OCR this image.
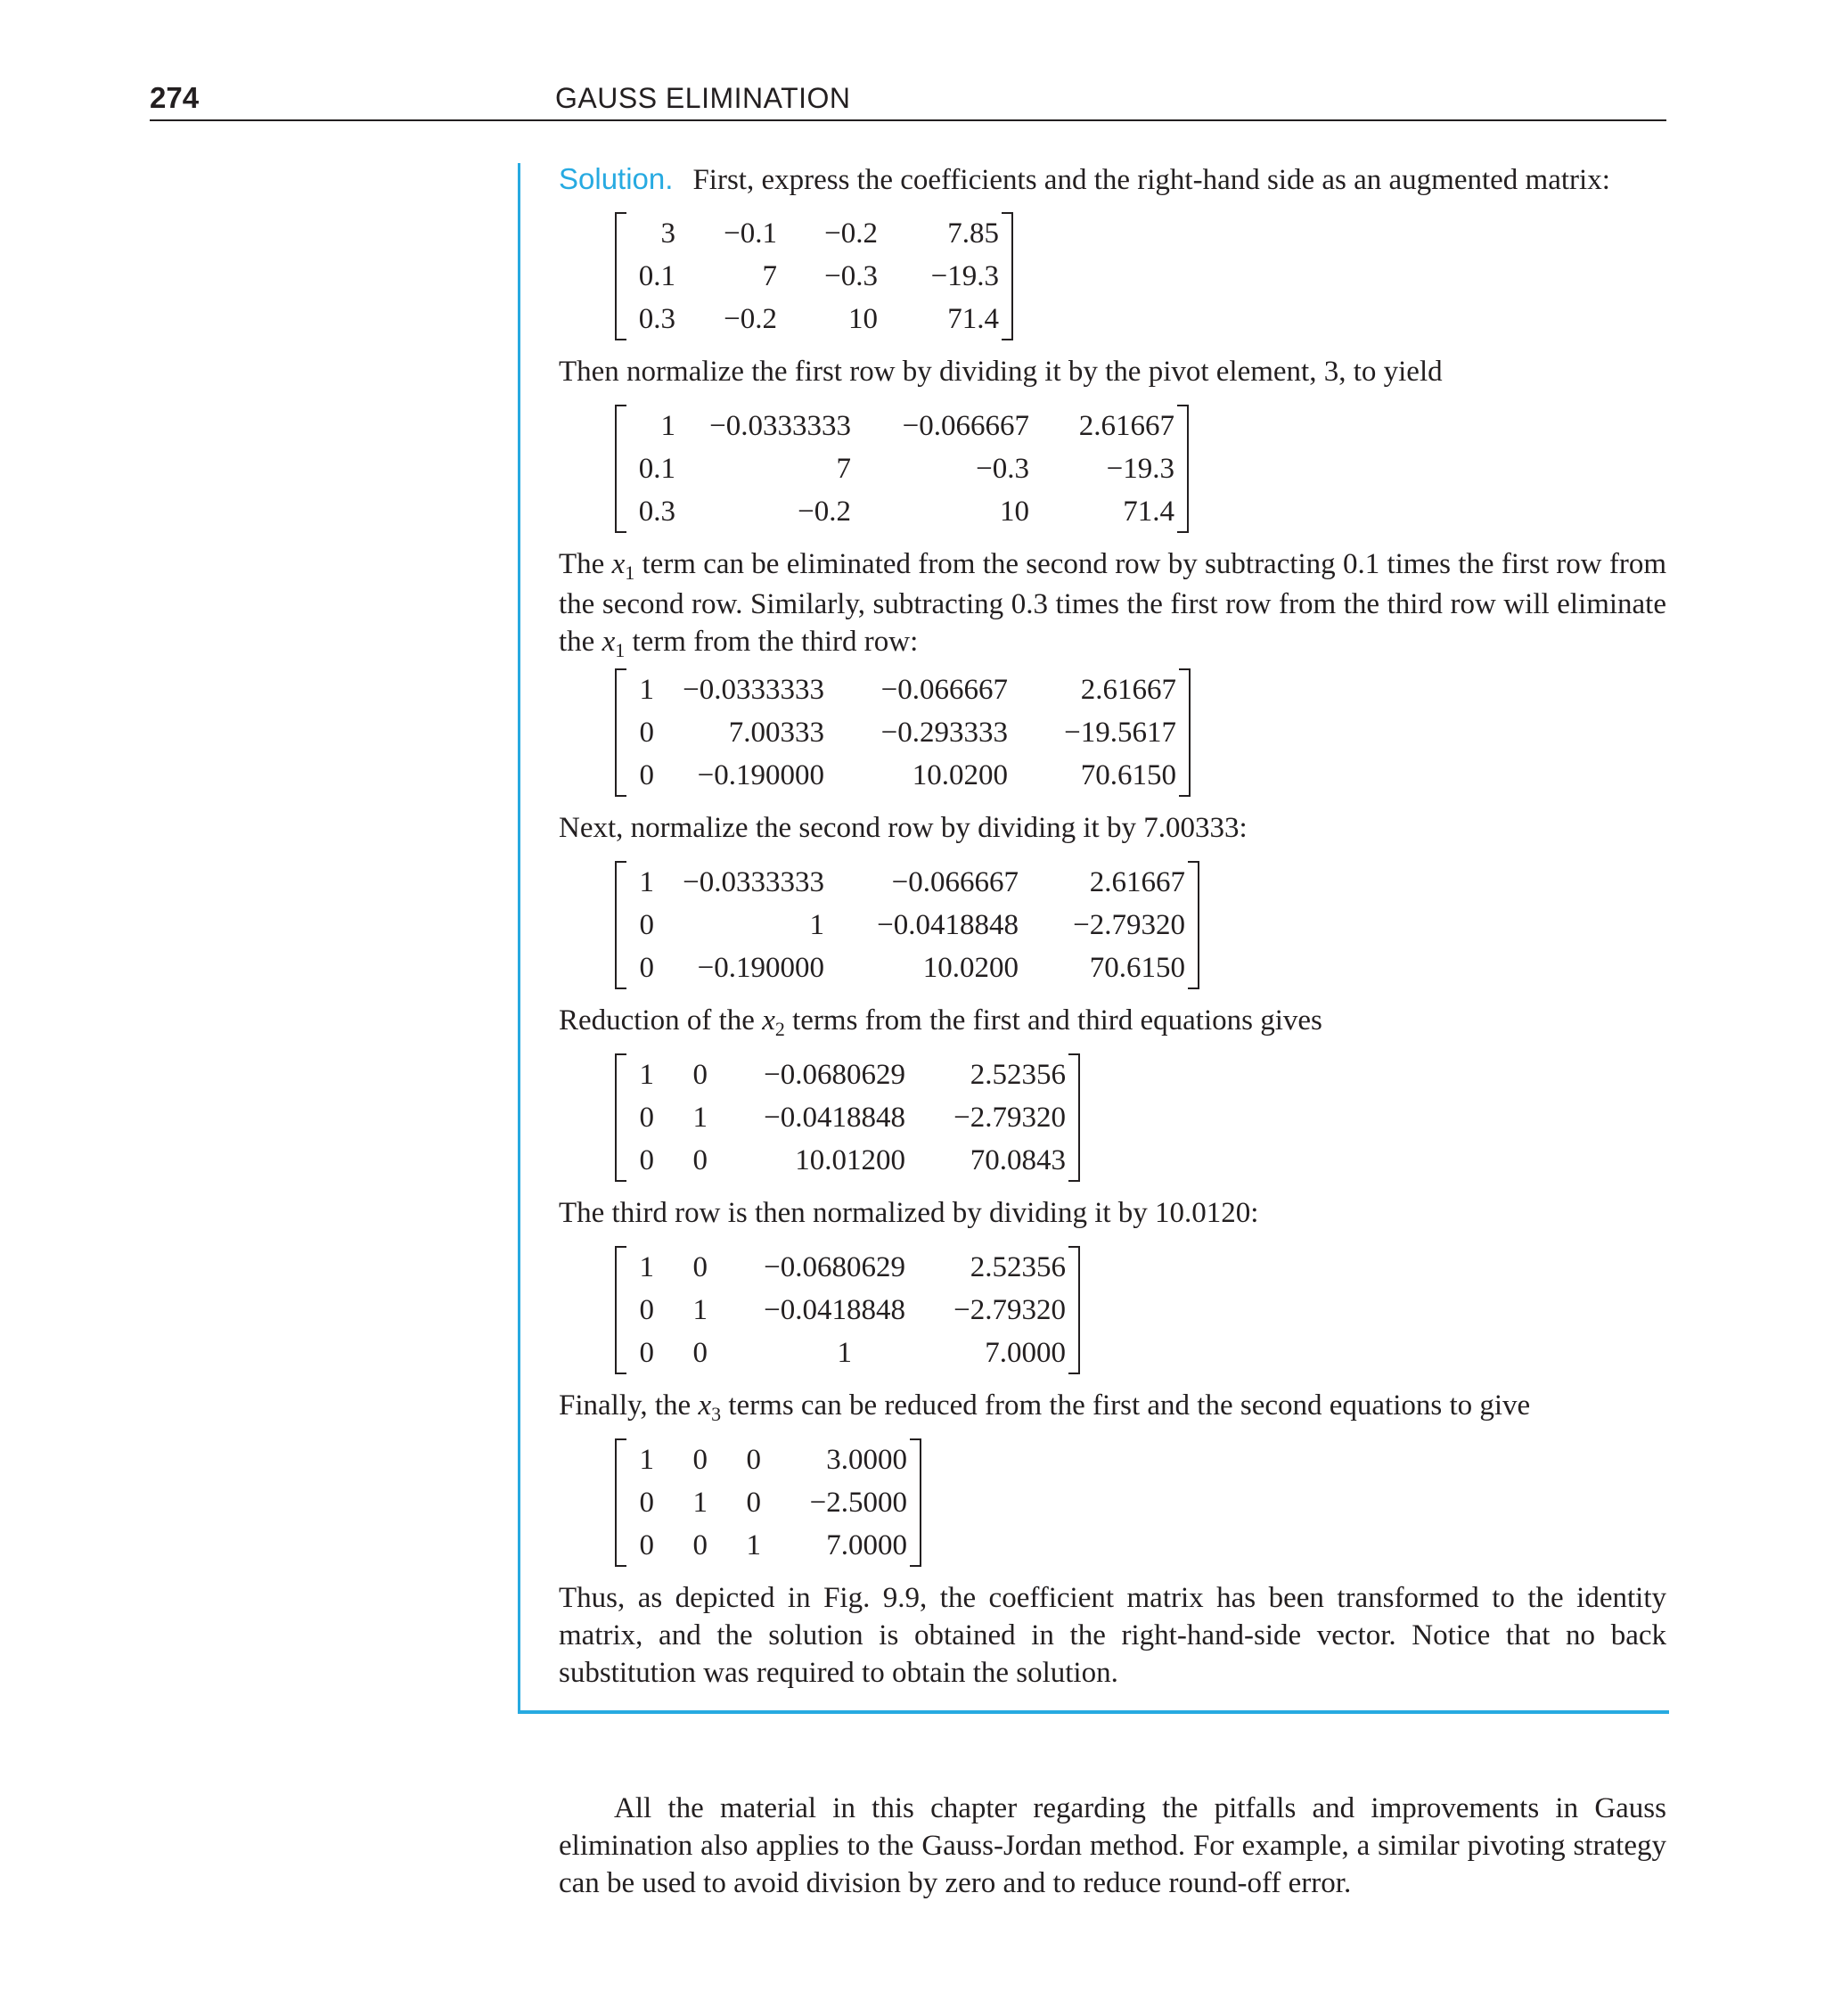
274	GAUSS ELIMINATION

Solution. First, express the coefficients and the right-hand side as an augmented matrix:

3	−0.1	−0.2	7.85
0.1	7	−0.3	−19.3
0.3	−0.2	10	71.4

Then normalize the first row by dividing it by the pivot element, 3, to yield

1	−0.0333333	−0.066667	2.61667
0.1	7	−0.3	−19.3
0.3	−0.2	10	71.4

The $x_1$ term can be eliminated from the second row by subtracting 0.1 times the first row from the second row. Similarly, subtracting 0.3 times the first row from the third row will eliminate the $x_1$ term from the third row:

1	−0.0333333	−0.066667	2.61667
0	7.00333	−0.293333	−19.5617
0	−0.190000	10.0200	70.6150

Next, normalize the second row by dividing it by 7.00333:

1	−0.0333333	−0.066667	2.61667
0	1	−0.0418848	−2.79320
0	−0.190000	10.0200	70.6150

Reduction of the $x_2$ terms from the first and third equations gives

1	0	−0.0680629	2.52356
0	1	−0.0418848	−2.79320
0	0	10.01200	70.0843

The third row is then normalized by dividing it by 10.0120:

1	0	−0.0680629	2.52356
0	1	−0.0418848	−2.79320
0	0	1	7.0000

Finally, the $x_3$ terms can be reduced from the first and the second equations to give

1	0	0	3.0000
0	1	0	−2.5000
0	0	1	7.0000

Thus, as depicted in Fig. 9.9, the coefficient matrix has been transformed to the identity matrix, and the solution is obtained in the right-hand-side vector. Notice that no back substitution was required to obtain the solution.

All the material in this chapter regarding the pitfalls and improvements in Gauss elimination also applies to the Gauss-Jordan method. For example, a similar pivoting strategy can be used to avoid division by zero and to reduce round-off error.
